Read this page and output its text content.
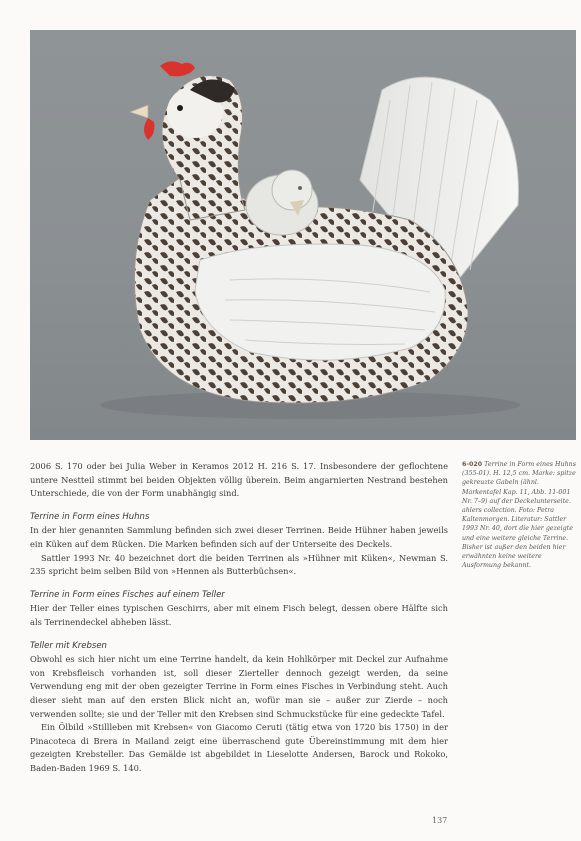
2006 S. 170 oder bei Julia Weber in Keramos 2012 H. 216 S. 17. Insbesondere der geflochtene untere Nestteil stimmt bei beiden Objekten völlig überein. Beim angarnierten Nestrand bestehen Unterschiede, die von der Form unabhängig sind.

Terrine in Form eines Huhns

In der hier genannten Sammlung befinden sich zwei dieser Terrinen. Beide Hühner haben jeweils ein Küken auf dem Rücken. Die Marken befinden sich auf der Unterseite des Deckels.

Sattler 1993 Nr. 40 bezeichnet dort die beiden Terrinen als »Hühner mit Küken«, Newman S. 235 spricht beim selben Bild von »Hennen als Butterbüchsen«.

Terrine in Form eines Fisches auf einem Teller

Hier der Teller eines typischen Geschirrs, aber mit einem Fisch belegt, dessen obere Hälfte sich als Terrinendeckel abheben lässt.

Teller mit Krebsen

Obwohl es sich hier nicht um eine Terrine handelt, da kein Hohlkörper mit Deckel zur Aufnahme von Krebsfleisch vorhanden ist, soll dieser Zierteller dennoch gezeigt werden, da seine Verwendung eng mit der oben gezeigter Terrine in Form eines Fisches in Verbindung steht. Auch dieser sieht man auf den ersten Blick nicht an, wofür man sie – außer zur Zierde – noch verwenden sollte; sie und der Teller mit den Krebsen sind Schmuckstücke für eine gedeckte Tafel.

Ein Ölbild »Stillleben mit Krebsen« von Giacomo Ceruti (tätig etwa von 1720 bis 1750) in der Pinacoteca di Brera in Mailand zeigt eine überraschend gute Übereinstimmung mit dem hier gezeigten Krebsteller. Das Gemälde ist abgebildet in Lieselotte Andersen, Barock und Rokoko, Baden-Baden 1969 S. 140.

6-020 Terrine in Form eines Huhns (355-01). H. 12,5 cm. Marke: spitze gekreuzte Gabeln (ähnl. Markentafel Kap. 11, Abb. 11-001 Nr. 7–9) auf der Deckelunterseite. ahlers collection. Foto: Petra Kaltenmorgen. Literatur: Sattler 1993 Nr. 40, dort die hier gezeigte und eine weitere gleiche Terrine. Bisher ist außer den beiden hier erwähnten keine weitere Ausformung bekannt.
137
